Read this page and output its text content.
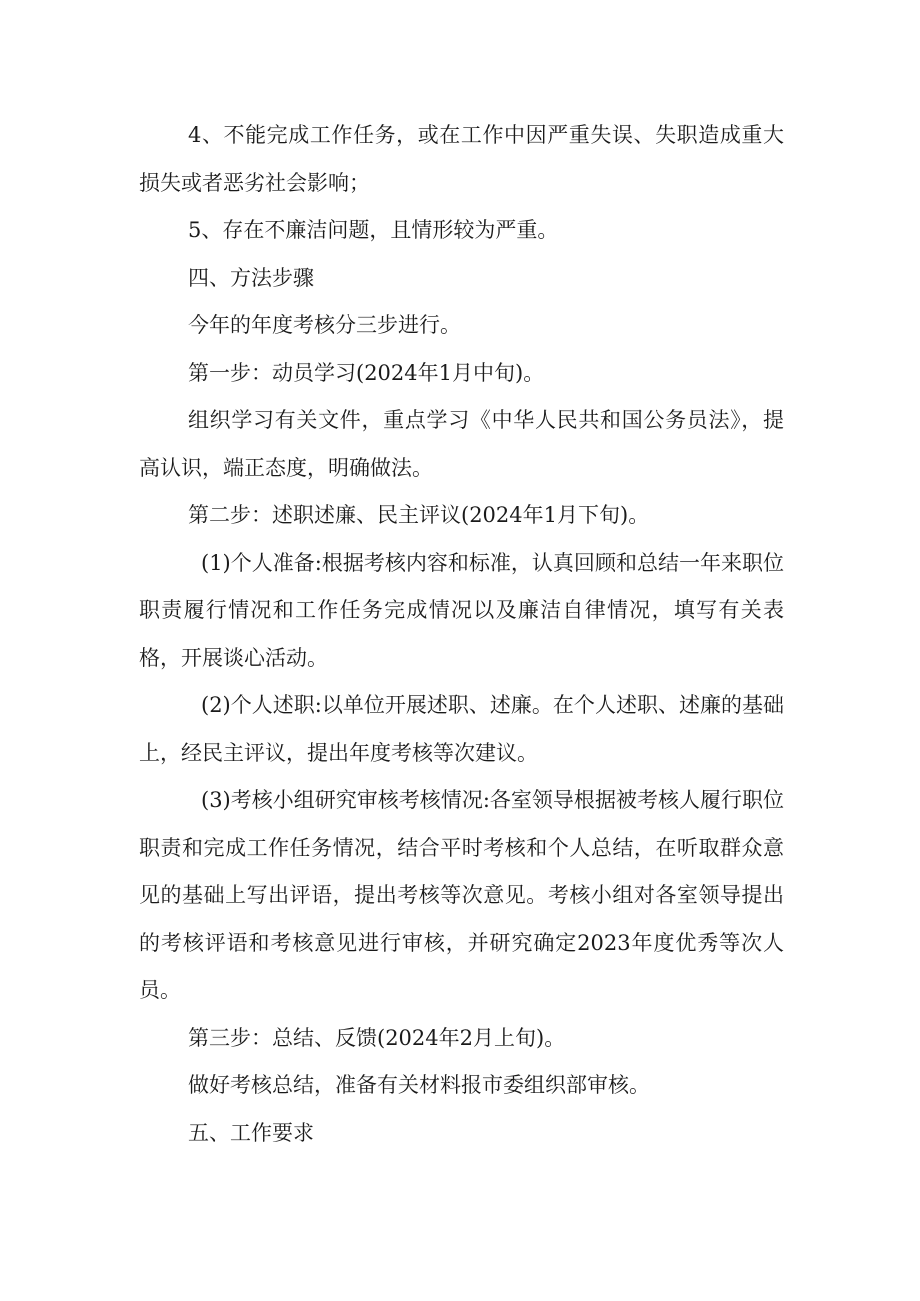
4、不能完成工作任务，或在工作中因严重失误、失职造成重大损失或者恶劣社会影响；

5、存在不廉洁问题，且情形较为严重。

四、方法步骤

今年的年度考核分三步进行。

第一步：动员学习(2024年1月中旬)。

组织学习有关文件，重点学习《中华人民共和国公务员法》，提高认识，端正态度，明确做法。

第二步：述职述廉、民主评议(2024年1月下旬)。

(1)个人准备:根据考核内容和标准，认真回顾和总结一年来职位职责履行情况和工作任务完成情况以及廉洁自律情况，填写有关表格，开展谈心活动。

(2)个人述职:以单位开展述职、述廉。在个人述职、述廉的基础上，经民主评议，提出年度考核等次建议。

(3)考核小组研究审核考核情况:各室领导根据被考核人履行职位职责和完成工作任务情况，结合平时考核和个人总结，在听取群众意见的基础上写出评语，提出考核等次意见。考核小组对各室领导提出的考核评语和考核意见进行审核，并研究确定2023年度优秀等次人员。

第三步：总结、反馈(2024年2月上旬)。

做好考核总结，准备有关材料报市委组织部审核。

五、工作要求
